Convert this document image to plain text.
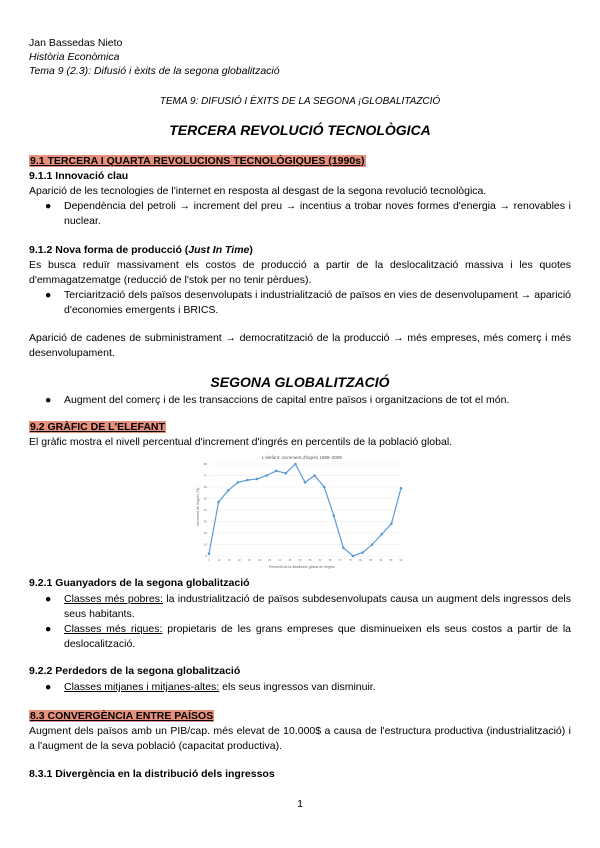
Jan Bassedas Nieto
Història Econòmica
Tema 9 (2.3): Difusió i èxits de la segona globalització
TEMA 9: DIFUSIÓ I ÈXITS DE LA SEGONA ¡GLOBALITAZCIÓ
TERCERA REVOLUCIÓ TECNOLÒGICA
9.1 TERCERA I QUARTA REVOLUCIONS TECNOLÒGIQUES (1990s)
9.1.1 Innovació clau
Aparició de les tecnologies de l'internet en resposta al desgast de la segona revolució tecnològica.
● Dependència del petroli → increment del preu → incentius a trobar noves formes d'energia → renovables i nuclear.
9.1.2 Nova forma de producció (Just In Time)
Es busca reduïr massivament els costos de producció a partir de la deslocalització massiva i les quotes d'emmagatzematge (reducció de l'stok per no tenir pèrdues).
● Terciarització dels països desenvolupats i industrialització de països en vies de desenvolupament → aparició d'economies emergents i BRICS.
Aparició de cadenes de subministrament → democratització de la producció → més empreses, més comerç i més desenvolupament.
SEGONA GLOBALITZACIÓ
● Augment del comerç i de les transaccions de capital entre països i organitzacions de tot el món.
9.2 GRÀFIC DE L'ELEFANT
El gràfic mostra el nivell percentual d'increment d'ingrés en percentils de la població global.
L'elefant: increment d'ingrés 1988–2008
0
10
20
30
40
50
60
70
80
5	10	15	20	25	30	35	40	45	50	55	60	65	70	75	80	85	90	95	99
Percentil de la distribució global de l'ingrés
Increment de l'ingrés (%)
9.2.1 Guanyadors de la segona globalització
● Classes més pobres: la industrialització de països subdesenvolupats causa un augment dels ingressos dels seus habitants.
● Classes més riques: propietaris de les grans empreses que disminueixen els seus costos a partir de la deslocalització.
9.2.2 Perdedors de la segona globalització
● Classes mitjanes i mitjanes-altes: els seus ingressos van disminuir.
8.3 CONVERGÈNCIA ENTRE PAÍSOS
Augment dels països amb un PIB/cap. més elevat de 10.000$ a causa de l'estructura productiva (industrialització) i a l'augment de la seva població (capacitat productiva).
8.3.1 Divergència en la distribució dels ingressos
1
